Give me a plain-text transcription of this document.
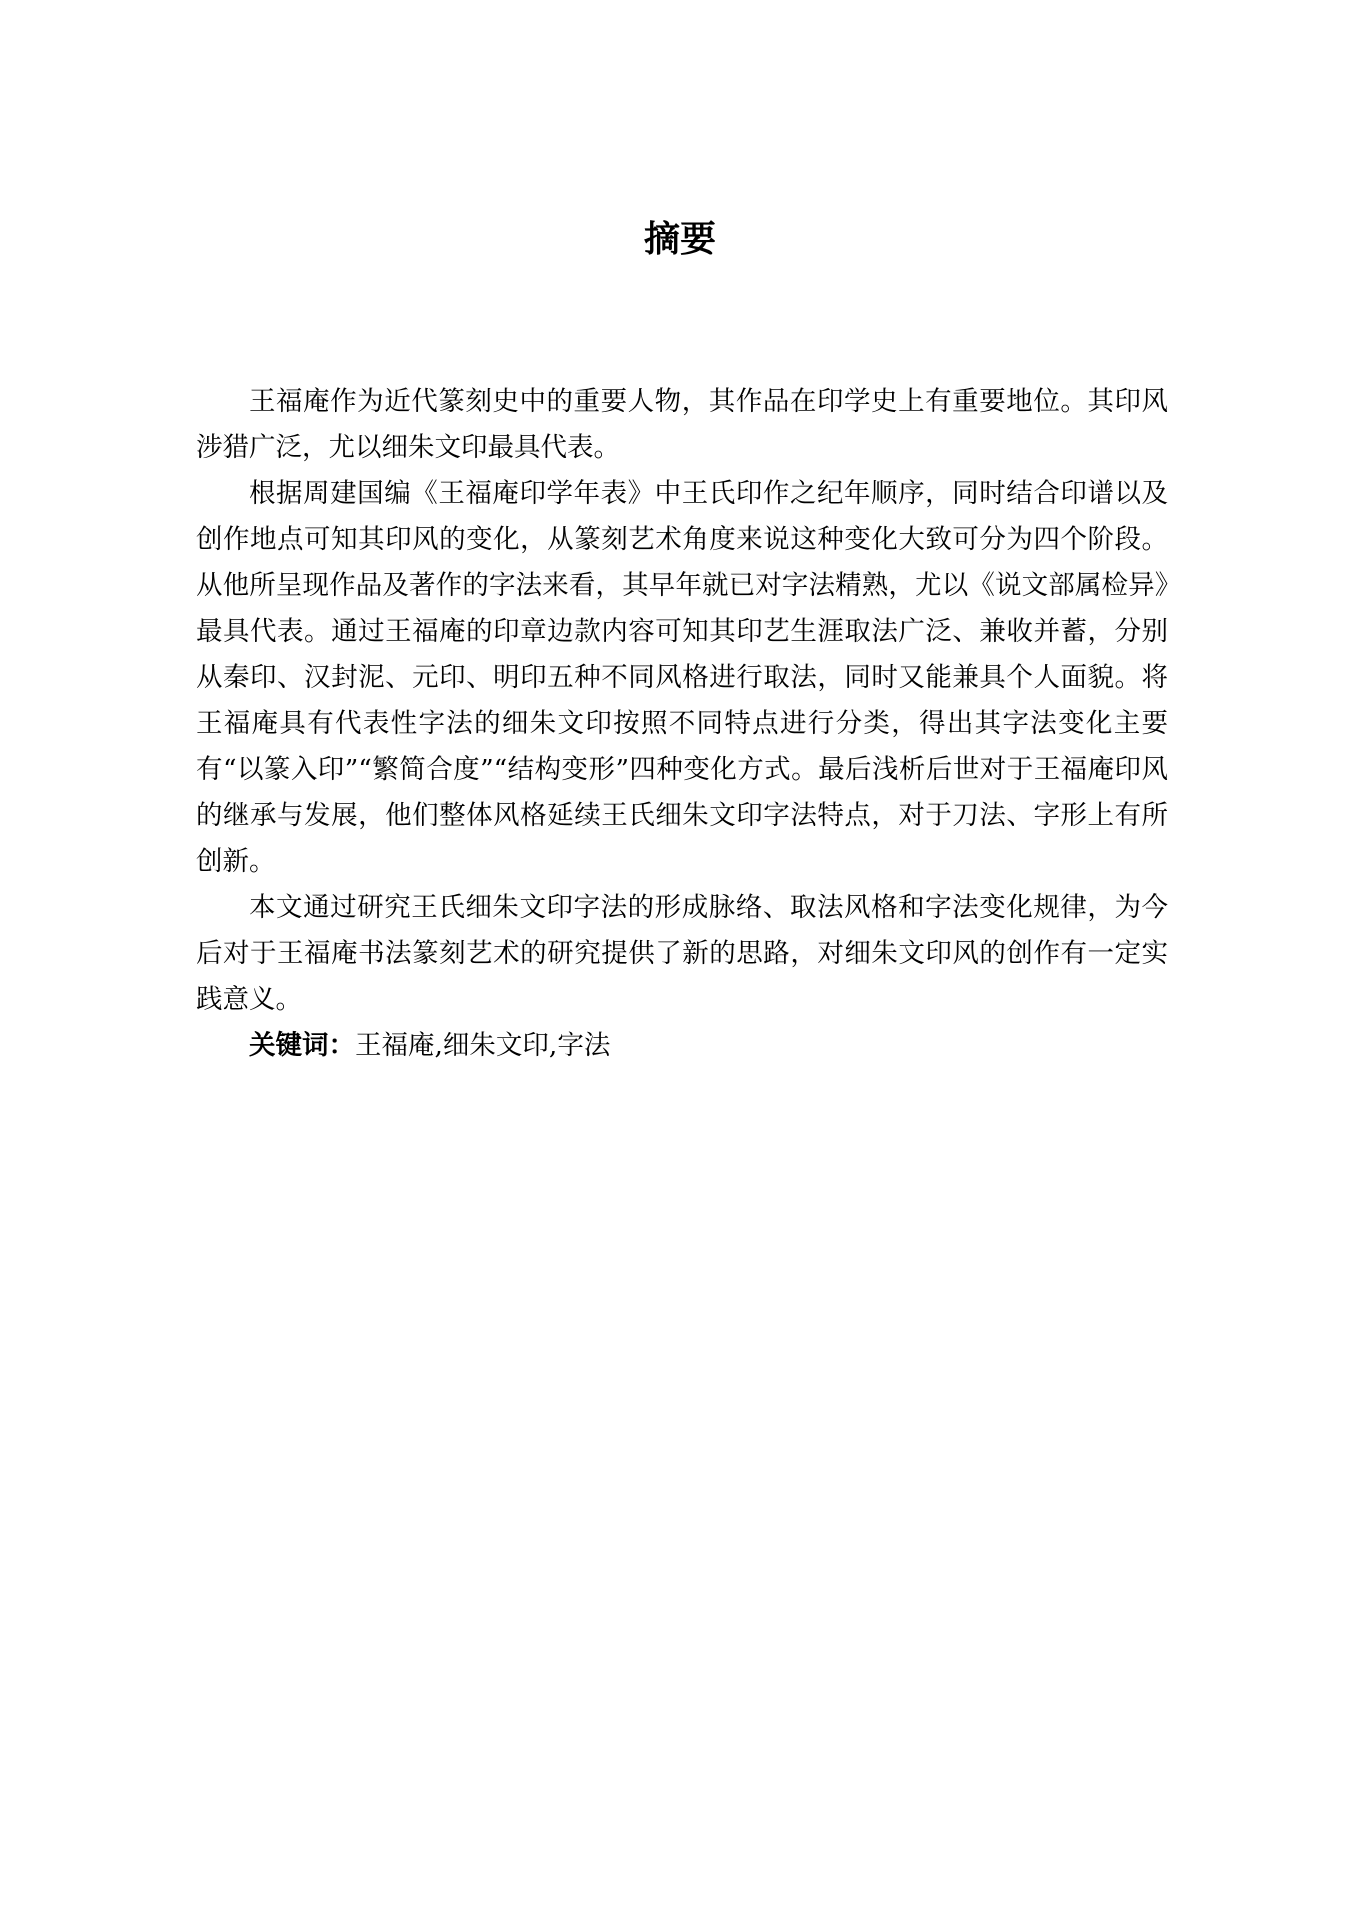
摘要

王福庵作为近代篆刻史中的重要人物，其作品在印学史上有重要地位。其印风涉猎广泛，尤以细朱文印最具代表。

根据周建国编《王福庵印学年表》中王氏印作之纪年顺序，同时结合印谱以及创作地点可知其印风的变化，从篆刻艺术角度来说这种变化大致可分为四个阶段。从他所呈现作品及著作的字法来看，其早年就已对字法精熟，尤以《说文部属检异》最具代表。通过王福庵的印章边款内容可知其印艺生涯取法广泛、兼收并蓄，分别从秦印、汉封泥、元印、明印五种不同风格进行取法，同时又能兼具个人面貌。将王福庵具有代表性字法的细朱文印按照不同特点进行分类，得出其字法变化主要有“以篆入印”“繁简合度”“结构变形”四种变化方式。最后浅析后世对于王福庵印风的继承与发展，他们整体风格延续王氏细朱文印字法特点，对于刀法、字形上有所创新。

本文通过研究王氏细朱文印字法的形成脉络、取法风格和字法变化规律，为今后对于王福庵书法篆刻艺术的研究提供了新的思路，对细朱文印风的创作有一定实践意义。

关键词：王福庵,细朱文印,字法
